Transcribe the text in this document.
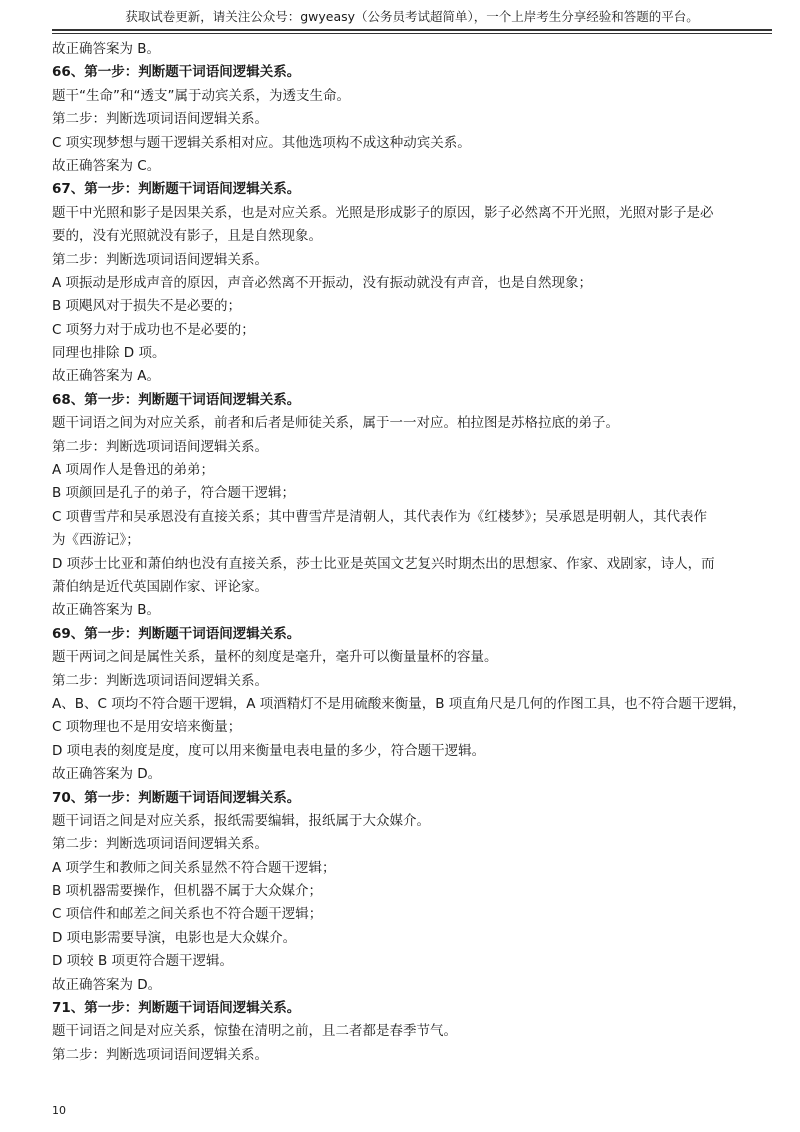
获取试卷更新，请关注公众号：gwyeasy（公务员考试超简单），一个上岸考生分享经验和答题的平台。
故正确答案为 B。
66、第一步：判断题干词语间逻辑关系。
题干“生命”和“透支”属于动宾关系，为透支生命。
第二步：判断选项词语间逻辑关系。
C 项实现梦想与题干逻辑关系相对应。其他选项构不成这种动宾关系。
故正确答案为 C。
67、第一步：判断题干词语间逻辑关系。
题干中光照和影子是因果关系，也是对应关系。光照是形成影子的原因，影子必然离不开光照，光照对影子是必
要的，没有光照就没有影子，且是自然现象。
第二步：判断选项词语间逻辑关系。
A 项振动是形成声音的原因，声音必然离不开振动，没有振动就没有声音，也是自然现象；
B 项飓风对于损失不是必要的；
C 项努力对于成功也不是必要的；
同理也排除 D 项。
故正确答案为 A。
68、第一步：判断题干词语间逻辑关系。
题干词语之间为对应关系，前者和后者是师徒关系，属于一一对应。柏拉图是苏格拉底的弟子。
第二步：判断选项词语间逻辑关系。
A 项周作人是鲁迅的弟弟；
B 项颜回是孔子的弟子，符合题干逻辑；
C 项曹雪芹和吴承恩没有直接关系；其中曹雪芹是清朝人，其代表作为《红楼梦》；吴承恩是明朝人，其代表作
为《西游记》；
D 项莎士比亚和萧伯纳也没有直接关系，莎士比亚是英国文艺复兴时期杰出的思想家、作家、戏剧家，诗人，而
萧伯纳是近代英国剧作家、评论家。
故正确答案为 B。
69、第一步：判断题干词语间逻辑关系。
题干两词之间是属性关系，量杯的刻度是毫升，毫升可以衡量量杯的容量。
第二步：判断选项词语间逻辑关系。
A、B、C 项均不符合题干逻辑，A 项酒精灯不是用硫酸来衡量，B 项直角尺是几何的作图工具，也不符合题干逻辑，
C 项物理也不是用安培来衡量；
D 项电表的刻度是度，度可以用来衡量电表电量的多少，符合题干逻辑。
故正确答案为 D。
70、第一步：判断题干词语间逻辑关系。
题干词语之间是对应关系，报纸需要编辑，报纸属于大众媒介。
第二步：判断选项词语间逻辑关系。
A 项学生和教师之间关系显然不符合题干逻辑；
B 项机器需要操作，但机器不属于大众媒介；
C 项信件和邮差之间关系也不符合题干逻辑；
D 项电影需要导演，电影也是大众媒介。
D 项较 B 项更符合题干逻辑。
故正确答案为 D。
71、第一步：判断题干词语间逻辑关系。
题干词语之间是对应关系，惊蛰在清明之前，且二者都是春季节气。
第二步：判断选项词语间逻辑关系。
10
